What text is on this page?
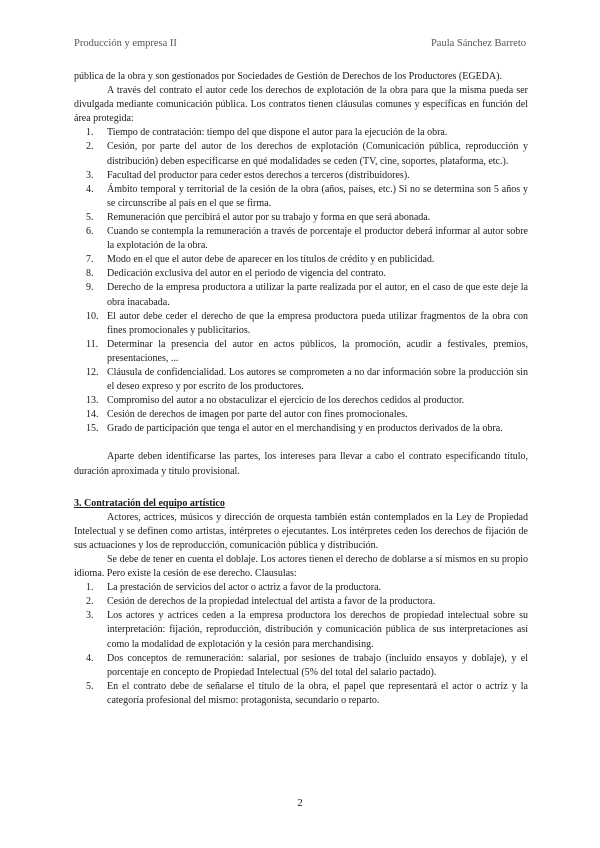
Producción y empresa II	Paula Sánchez Barreto

pública de la obra y son gestionados por Sociedades de Gestión de Derechos de los Productores (EGEDA).

A través del contrato el autor cede los derechos de explotación de la obra para que la misma pueda ser divulgada mediante comunicación pública. Los contratos tienen cláusulas comunes y específicas en función del área protegida:

1. Tiempo de contratación: tiempo del que dispone el autor para la ejecución de la obra.
2. Cesión, por parte del autor de los derechos de explotación (Comunicación pública, reproducción y distribución) deben especificarse en qué modalidades se ceden (TV, cine, soportes, plataforma, etc.).
3. Facultad del productor para ceder estos derechos a terceros (distribuidores).
4. Ámbito temporal y territorial de la cesión de la obra (años, países, etc.) Si no se determina son 5 años y se circunscribe al país en el que se firma.
5. Remuneración que percibirá el autor por su trabajo y forma en que será abonada.
6. Cuando se contempla la remuneración a través de porcentaje el productor deberá informar al autor sobre la explotación de la obra.
7. Modo en el que el autor debe de aparecer en los títulos de crédito y en publicidad.
8. Dedicación exclusiva del autor en el periodo de vigencia del contrato.
9. Derecho de la empresa productora a utilizar la parte realizada por el autor, en el caso de que este deje la obra inacabada.
10. El autor debe ceder el derecho de que la empresa productora pueda utilizar fragmentos de la obra con fines promocionales y publicitarios.
11. Determinar la presencia del autor en actos públicos, la promoción, acudir a festivales, premios, presentaciones, ...
12. Cláusula de confidencialidad. Los autores se comprometen a no dar información sobre la producción sin el deseo expreso y por escrito de los productores.
13. Compromiso del autor a no obstaculizar el ejercicio de los derechos cedidos al productor.
14. Cesión de derechos de imagen por parte del autor con fines promocionales.
15. Grado de participación que tenga el autor en el merchandising y en productos derivados de la obra.

Aparte deben identificarse las partes, los intereses para llevar a cabo el contrato especificando título, duración aproximada y título provisional.

3. Contratación del equipo artístico

Actores, actrices, músicos y dirección de orquesta también están contemplados en la Ley de Propiedad Intelectual y se definen como artistas, intérpretes o ejecutantes. Los intérpretes ceden los derechos de fijación de sus actuaciones y los de reproducción, comunicación pública y distribución.

Se debe de tener en cuenta el doblaje. Los actores tienen el derecho de doblarse a sí mismos en su propio idioma. Pero existe la cesión de ese derecho. Clausulas:

1. La prestación de servicios del actor o actriz a favor de la productora.
2. Cesión de derechos de la propiedad intelectual del artista a favor de la productora.
3. Los actores y actrices ceden a la empresa productora los derechos de propiedad intelectual sobre su interpretación: fijación, reproducción, distribución y comunicación pública de sus interpretaciones así como la modalidad de explotación y la cesión para merchandising.
4. Dos conceptos de remuneración: salarial, por sesiones de trabajo (incluido ensayos y doblaje), y el porcentaje en concepto de Propiedad Intelectual (5% del total del salario pactado).
5. En el contrato debe de señalarse el título de la obra, el papel que representará el actor o actriz y la categoría profesional del mismo: protagonista, secundario o reparto.
2
